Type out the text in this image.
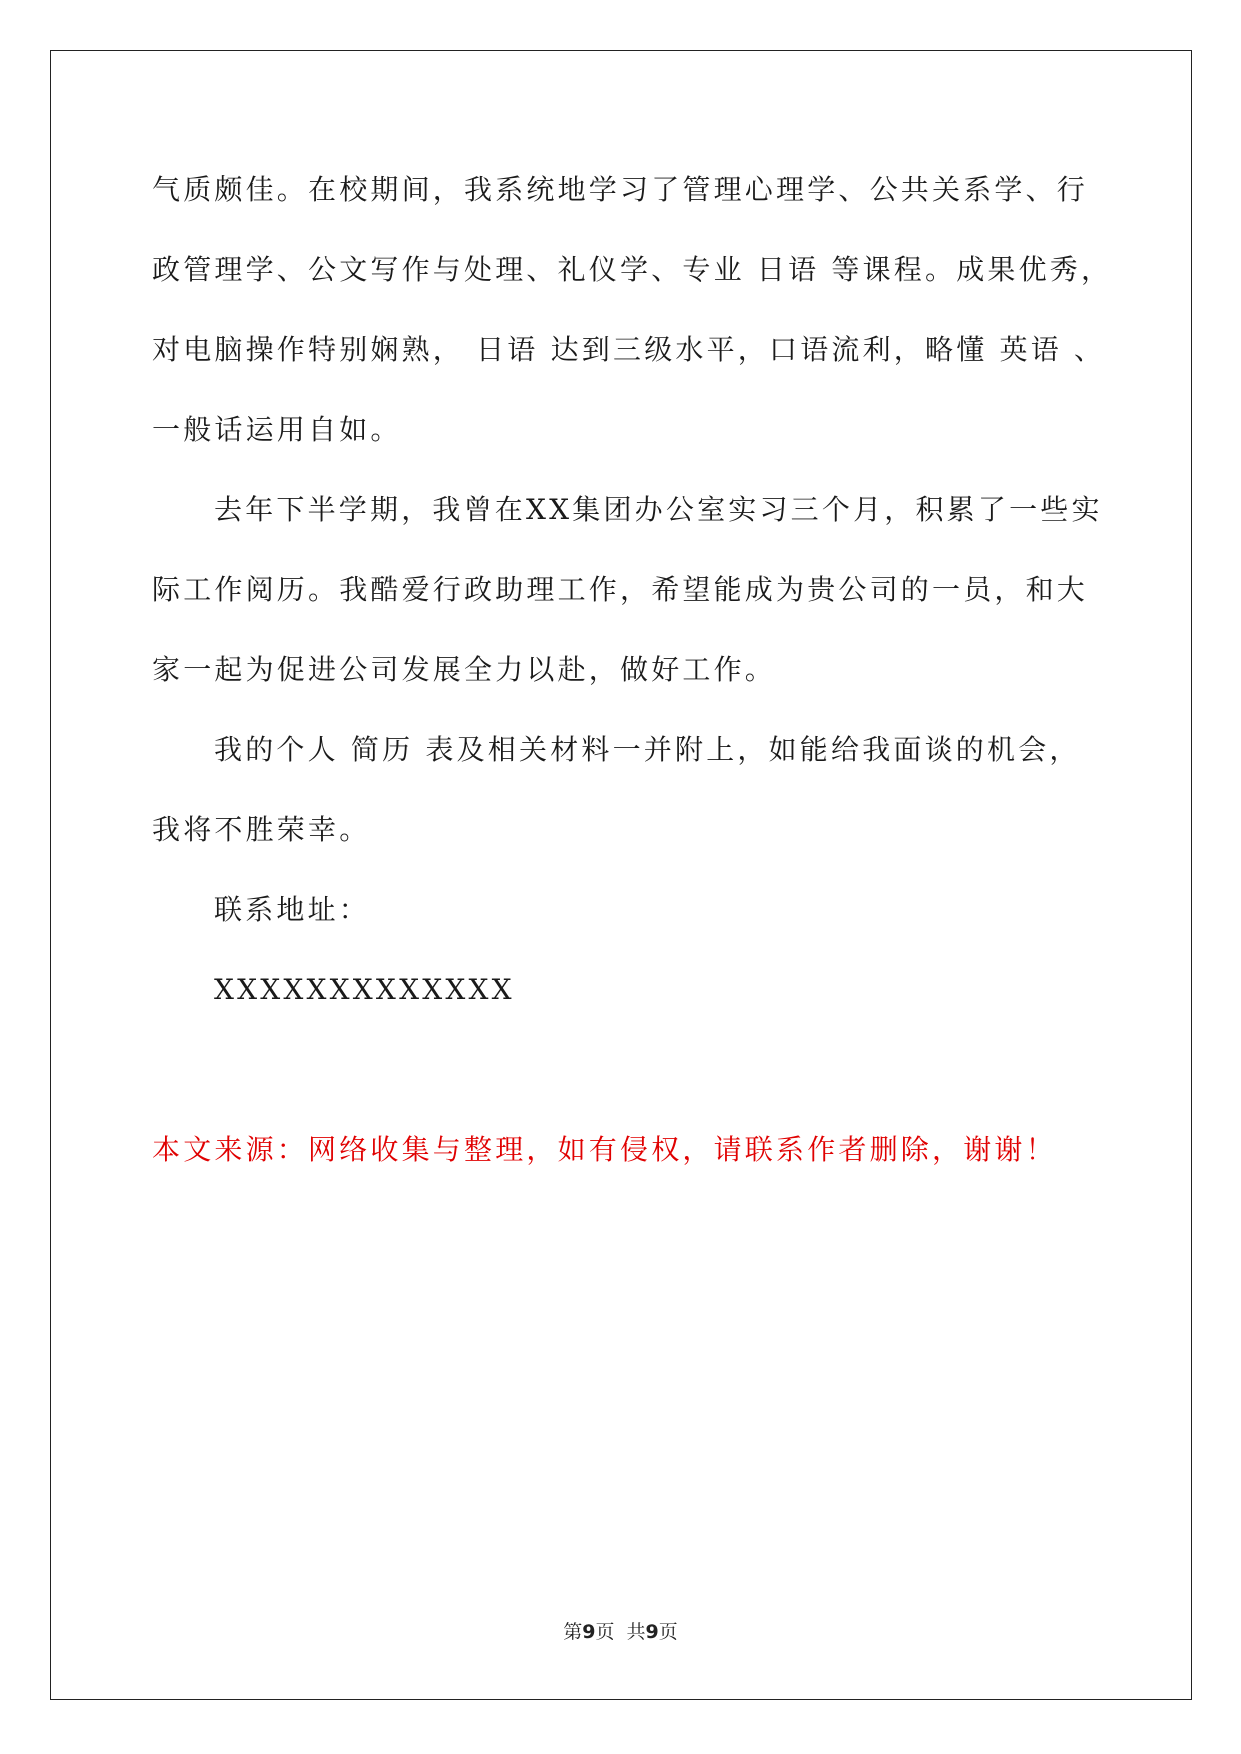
气质颇佳。在校期间，我系统地学习了管理心理学、公共关系学、行
政管理学、公文写作与处理、礼仪学、专业 日语 等课程。成果优秀，
对电脑操作特别娴熟， 日语 达到三级水平，口语流利，略懂 英语 、
一般话运用自如。
去年下半学期，我曾在XX集团办公室实习三个月，积累了一些实
际工作阅历。我酷爱行政助理工作，希望能成为贵公司的一员，和大
家一起为促进公司发展全力以赴，做好工作。
我的个人 简历 表及相关材料一并附上，如能给我面谈的机会，
我将不胜荣幸。
联系地址：
XXXXXXXXXXXXX
本文来源：网络收集与整理，如有侵权，请联系作者删除，谢谢！
第9页  共9页
